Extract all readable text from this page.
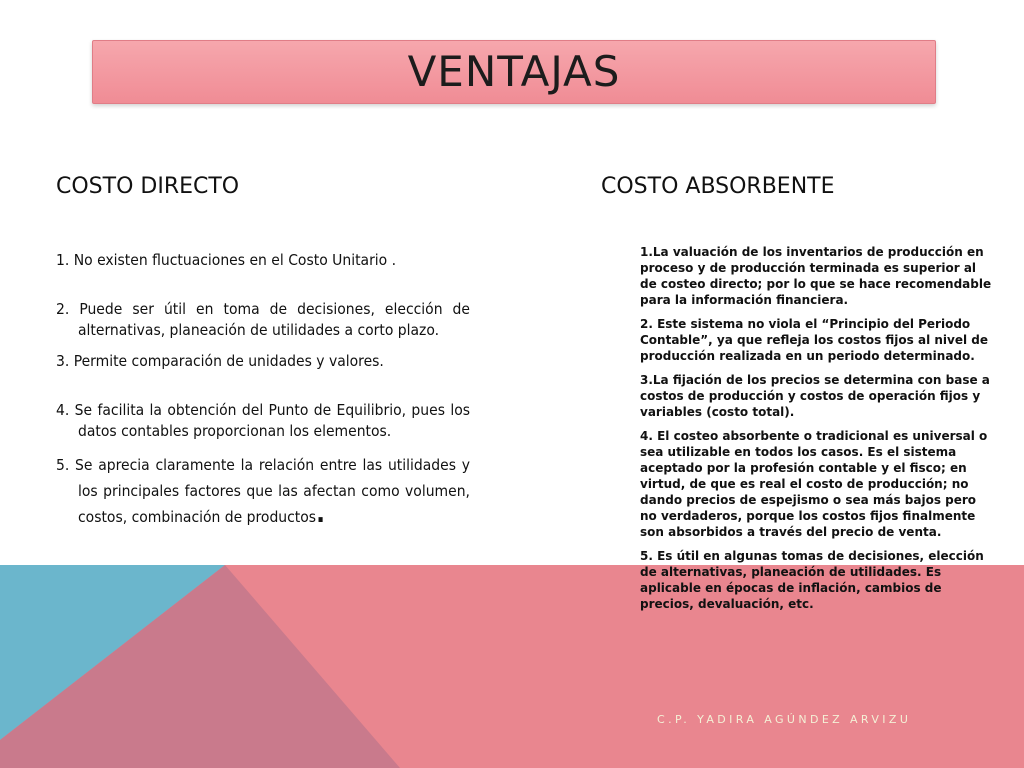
VENTAJAS
COSTO DIRECTO	COSTO ABSORBENTE

1. No existen fluctuaciones en el Costo Unitario .

2. Puede ser útil en toma de decisiones, elección de alternativas, planeación de utilidades a corto plazo.

3. Permite comparación de unidades y valores.

4. Se facilita la obtención del Punto de Equilibrio, pues los datos contables proporcionan los elementos.

5. Se aprecia claramente la relación entre las utilidades y los principales factores que las afectan como volumen, costos, combinación de productos.

1.La valuación de los inventarios de producción en proceso y de producción terminada es superior al de costeo directo; por lo que se hace recomendable para la información financiera.

2. Este sistema no viola el “Principio del Periodo Contable”, ya que refleja los costos fijos al nivel de producción realizada en un periodo determinado.

3.La fijación de los precios se determina con base a costos de producción y costos de operación fijos y variables (costo total).

4. El costeo absorbente o tradicional es universal o sea utilizable en todos los casos. Es el sistema aceptado por la profesión contable y el fisco; en virtud, de que es real el costo de producción; no dando precios de espejismo o sea más bajos pero no verdaderos, porque los costos fijos finalmente son absorbidos a través del precio de venta.

5. Es útil en algunas tomas de decisiones, elección de alternativas, planeación de utilidades. Es aplicable en épocas de inflación, cambios de precios, devaluación, etc.

C.P. YADIRA AGÚNDEZ ARVIZU
